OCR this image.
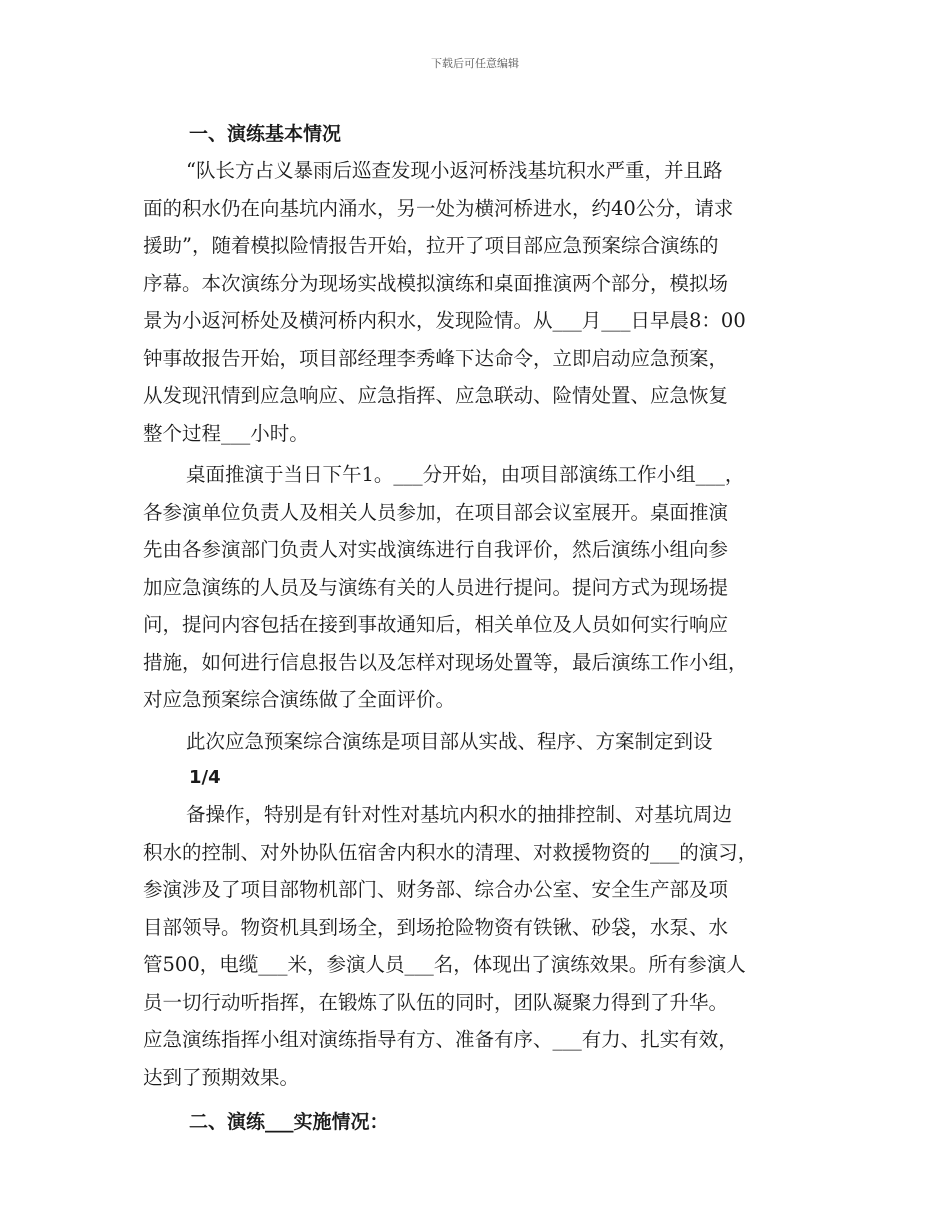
下载后可任意编辑
一、演练基本情况

“队长方占义暴雨后巡查发现小返河桥浅基坑积水严重，并且路
面的积水仍在向基坑内涌水，另一处为横河桥进水，约40公分，请求
援助”，随着模拟险情报告开始，拉开了项目部应急预案综合演练的
序幕。本次演练分为现场实战模拟演练和桌面推演两个部分，模拟场
景为小返河桥处及横河桥内积水，发现险情。从___月___日早晨8：00
钟事故报告开始，项目部经理李秀峰下达命令，立即启动应急预案，
从发现汛情到应急响应、应急指挥、应急联动、险情处置、应急恢复
整个过程___小时。

桌面推演于当日下午1。___分开始，由项目部演练工作小组___，
各参演单位负责人及相关人员参加，在项目部会议室展开。桌面推演
先由各参演部门负责人对实战演练进行自我评价，然后演练小组向参
加应急演练的人员及与演练有关的人员进行提问。提问方式为现场提
问，提问内容包括在接到事故通知后，相关单位及人员如何实行响应
措施，如何进行信息报告以及怎样对现场处置等，最后演练工作小组，
对应急预案综合演练做了全面评价。

此次应急预案综合演练是项目部从实战、程序、方案制定到设

1/4

备操作，特别是有针对性对基坑内积水的抽排控制、对基坑周边
积水的控制、对外协队伍宿舍内积水的清理、对救援物资的___的演习，
参演涉及了项目部物机部门、财务部、综合办公室、安全生产部及项
目部领导。物资机具到场全，到场抢险物资有铁锹、砂袋，水泵、水
管500，电缆___米，参演人员___名，体现出了演练效果。所有参演人
员一切行动听指挥，在锻炼了队伍的同时，团队凝聚力得到了升华。
应急演练指挥小组对演练指导有方、准备有序、___有力、扎实有效，
达到了预期效果。

二、演练___实施情况：
